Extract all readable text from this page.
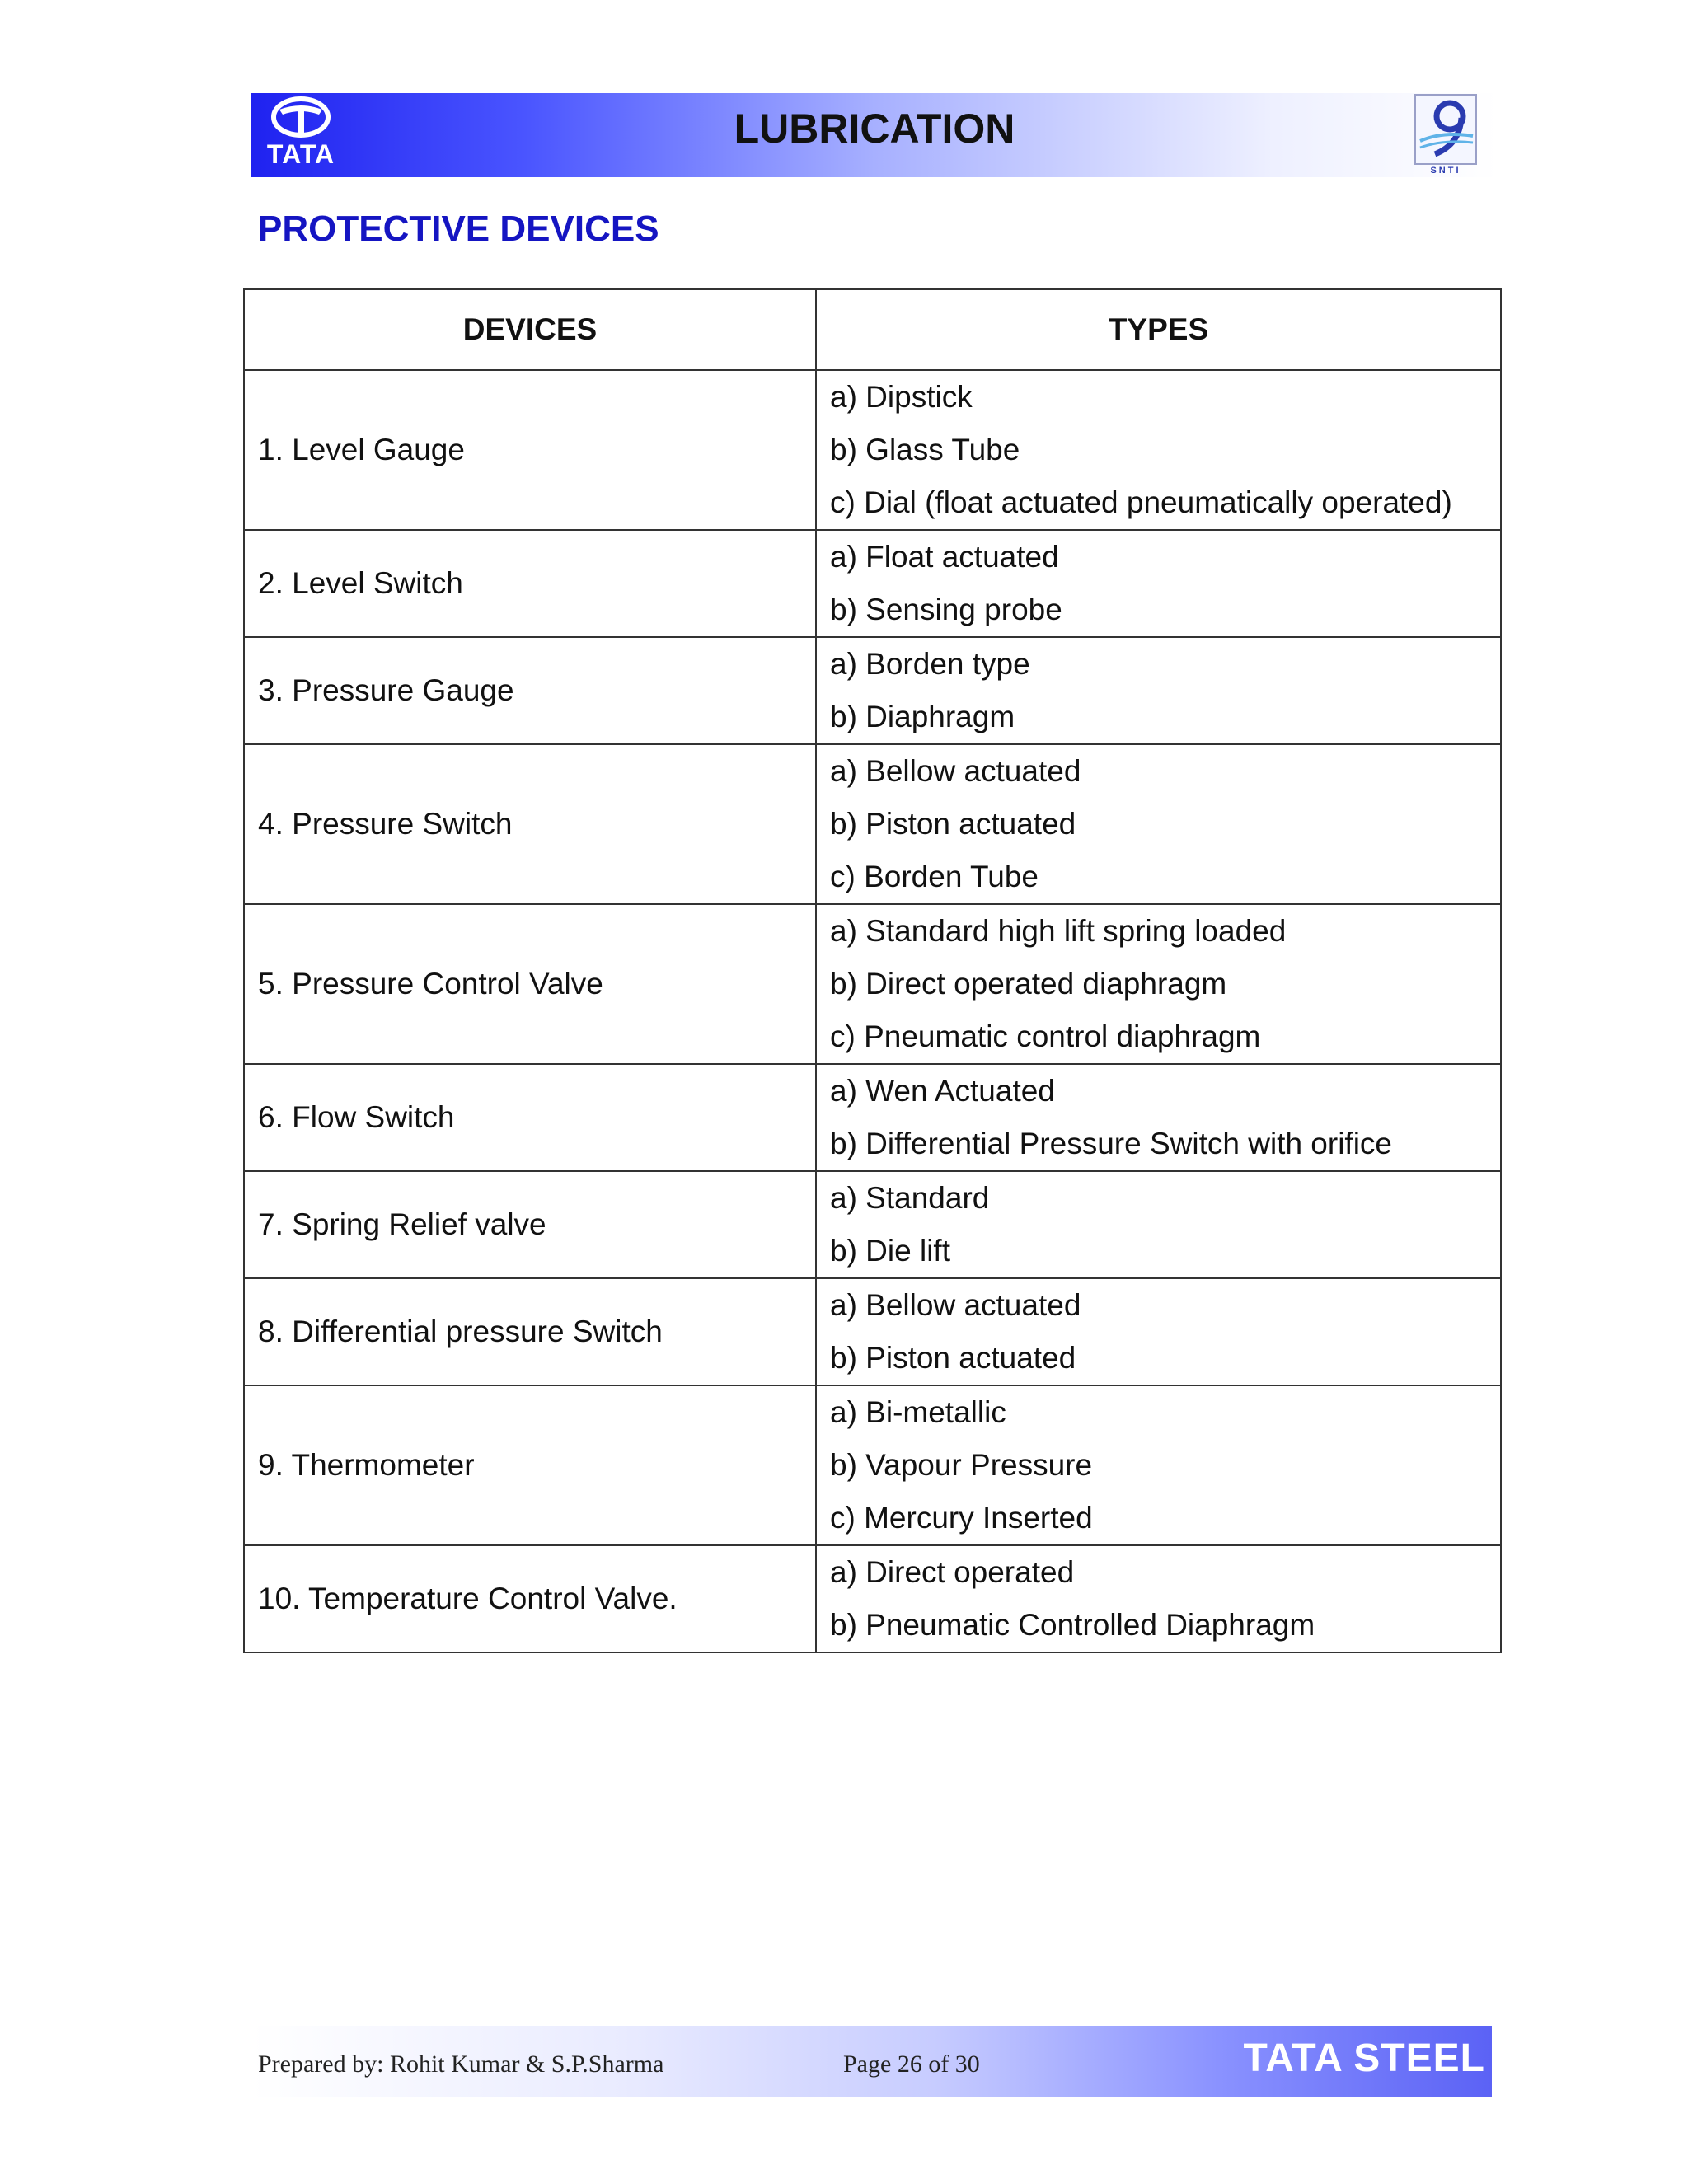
TATA
LUBRICATION
SNTI
PROTECTIVE DEVICES
DEVICES	TYPES
1. Level Gauge	a) Dipstick
b) Glass Tube
c) Dial (float actuated pneumatically operated)

2. Level Switch	a) Float actuated
b) Sensing probe

3. Pressure Gauge	a) Borden type
b) Diaphragm

4. Pressure Switch	a) Bellow actuated
b) Piston actuated
c) Borden Tube

5. Pressure Control Valve	a) Standard high lift spring loaded
b) Direct operated diaphragm
c) Pneumatic control diaphragm

6. Flow Switch	a) Wen Actuated
b) Differential Pressure Switch with orifice

7. Spring Relief valve	a) Standard
b) Die lift

8. Differential pressure Switch	a) Bellow actuated
b) Piston actuated

9. Thermometer	a) Bi-metallic
b) Vapour Pressure
c) Mercury Inserted

10. Temperature Control Valve.	a) Direct operated
b) Pneumatic Controlled Diaphragm
Prepared by: Rohit Kumar & S.P.Sharma	Page 26 of 30	TATA STEEL
